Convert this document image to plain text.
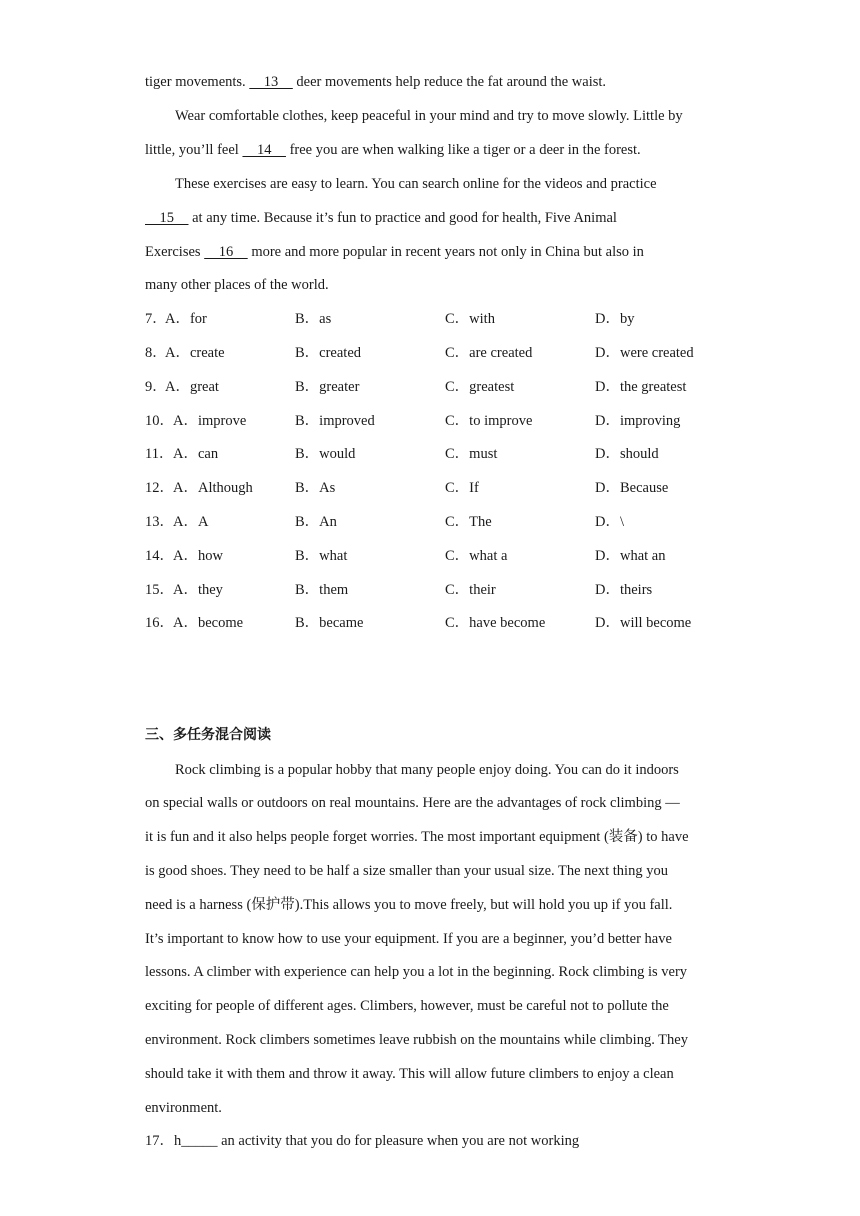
tiger movements.     13     deer movements help reduce the fat around the waist.
Wear comfortable clothes, keep peaceful in your mind and try to move slowly. Little by
little, you’ll feel     14     free you are when walking like a tiger or a deer in the forest.
These exercises are easy to learn. You can search online for the videos and practice
15     at any time. Because it’s fun to practice and good for health, Five Animal
Exercises     16     more and more popular in recent years not only in China but also in
many other places of the world.
7．
A．for	B．as	C．with	D．by
8．
A．create	B．created	C．are created	D．were created
9．
A．great	B．greater	C．greatest	D．the greatest
10． A．improve	B．improved	C．to improve	D．improving
11． A．can	B．would	C．must	D．should
12． A．Although	B．As	C．If	D．Because
13． A．A	B．An	C．The	D．\
14． A．how	B．what	C．what a	D．what an
15． A．they	B．them	C．their	D．theirs
16． A．become	B．became	C．have become	D．will become
三、多任务混合阅读
Rock climbing is a popular hobby that many people enjoy doing. You can do it indoors
on special walls or outdoors on real mountains. Here are the advantages of rock climbing —
it is fun and it also helps people forget worries. The most important equipment (装备) to have
is good shoes. They need to be half a size smaller than your usual size. The next thing you
need is a harness (保护带).This allows you to move freely, but will hold you up if you fall.
It’s important to know how to use your equipment. If you are a beginner, you’d better have
lessons. A climber with experience can help you a lot in the beginning. Rock climbing is very
exciting for people of different ages. Climbers, however, must be careful not to pollute the
environment. Rock climbers sometimes leave rubbish on the mountains while climbing. They
should take it with them and throw it away. This will allow future climbers to enjoy a clean
environment.
17．h_____ an activity that you do for pleasure when you are not working
